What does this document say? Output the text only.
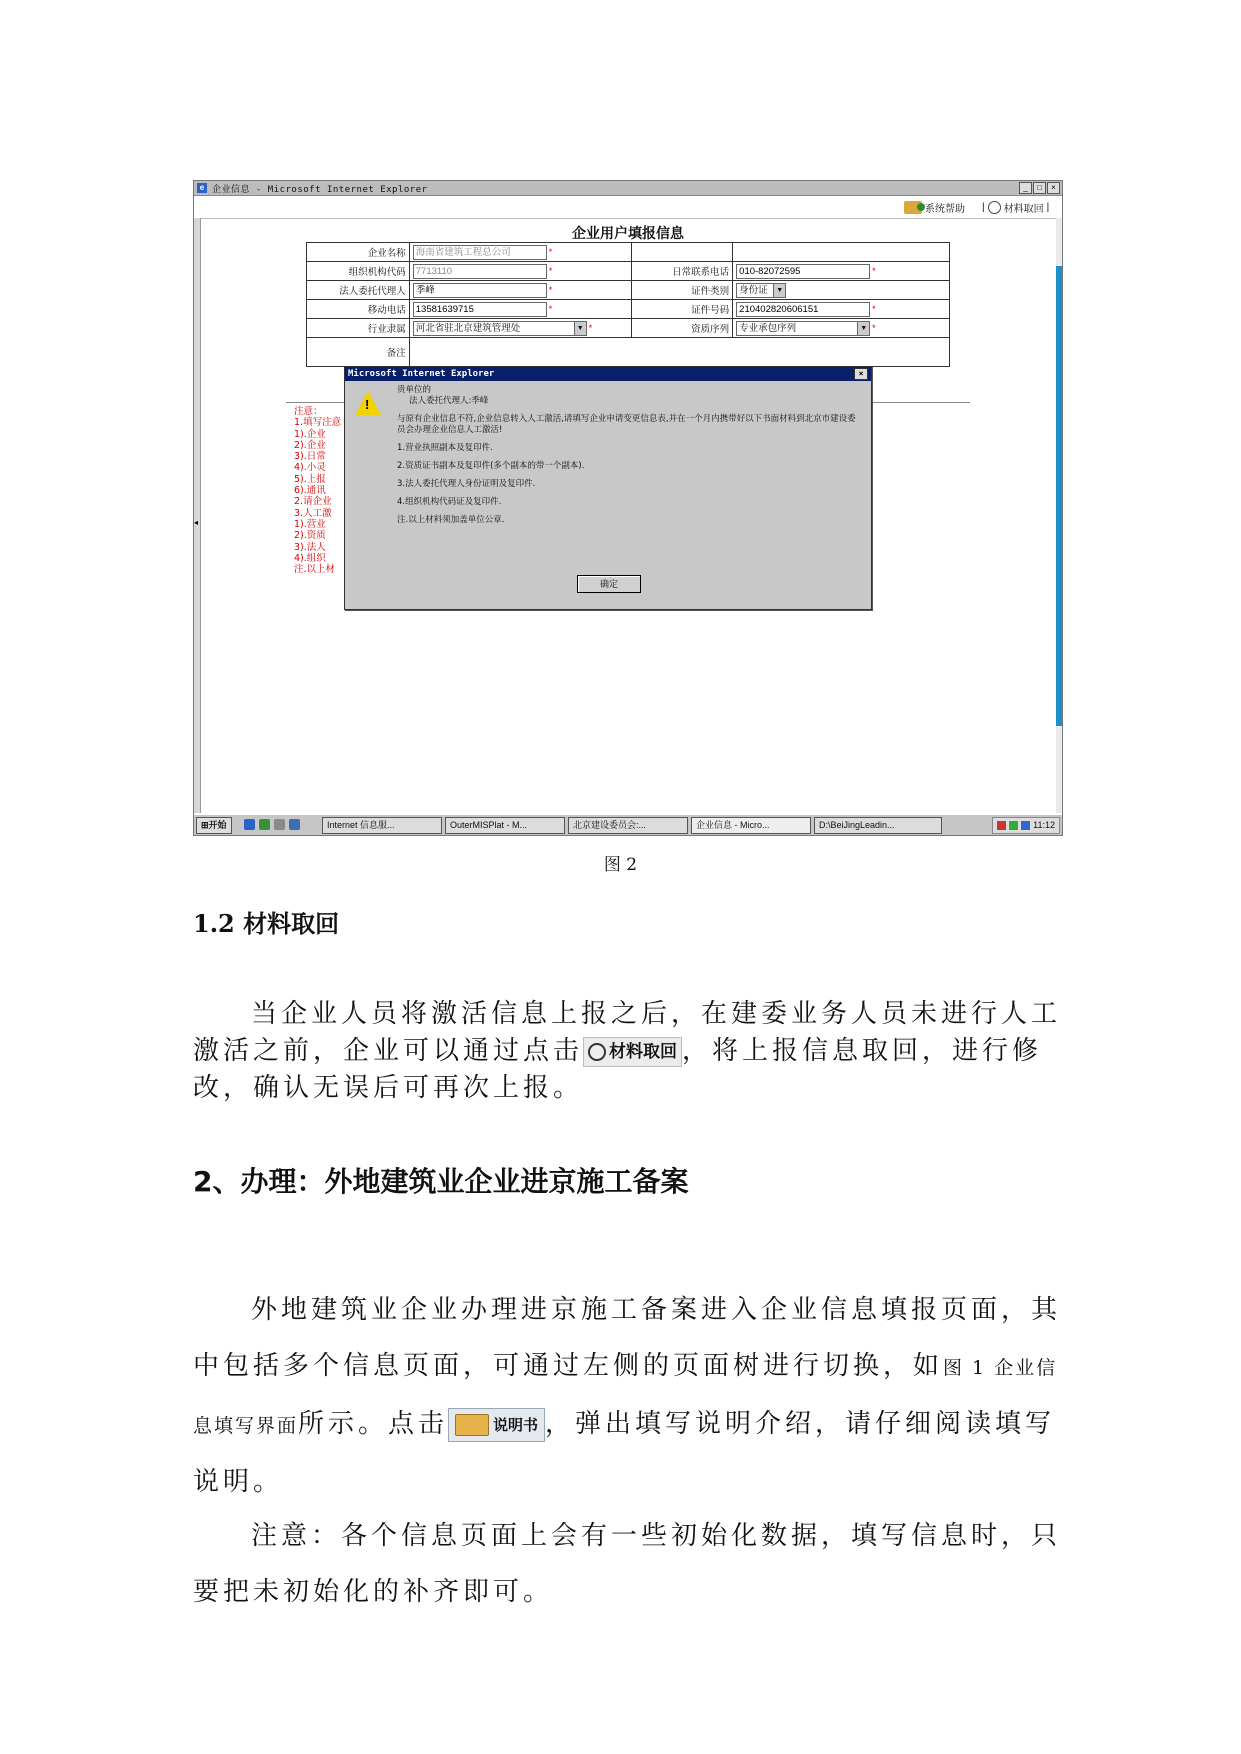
e 企业信息 - Microsoft Internet Explorer	_	□	×
系统帮助 | 材料取回 |
◂
企业用户填报信息
企业名称	海南省建筑工程总公司 *		
组织机构代码	7713110 *	日常联系电话	010-82072595 *
法人委托代理人	季峰 *	证件类别	身份证 ▼

移动电话	13581639715 *	证件号码	210402820606151 *
行业隶属	河北省驻北京建筑管理处 ▼ *	资质序列	专业承包序列 ▼ *
备注			
注意：
1.填写注意
1).企业
2).企业
3).日常
4).小灵
5).上报
6).通讯
2.请企业
3.人工激
1).营业
2).资质
3).法人
4).组织
注.以上材
Microsoft Internet Explorer	×
!

贵单位的

法人委托代理人:季峰

与原有企业信息不符,企业信息转入人工激活,请填写企业申请变更信息表,并在一个月内携带好以下书面材料到北京市建设委员会办理企业信息人工激活!

1.营业执照副本及复印件.

2.资质证书副本及复印件(多个副本的带一个副本).

3.法人委托代理人身份证明及复印件.

4.组织机构代码证及复印件.

注.以上材料须加盖单位公章.

确定
⊞开始	Internet 信息服...	OuterMISPlat - M...	北京建设委员会:...	企业信息 - Micro...	D:\BeiJingLeadin...	11:12
图 2
1.2 材料取回
当企业人员将激活信息上报之后，在建委业务人员未进行人工激活之前，企业可以通过点击 材料取回 ，将上报信息取回，进行修改，确认无误后可再次上报。
2、办理：外地建筑业企业进京施工备案
外地建筑业企业办理进京施工备案进入企业信息填报页面，其中包括多个信息页面，可通过左侧的页面树进行切换，如图 1 企业信息填写界面所示。点击	说明书 ，弹出填写说明介绍，请仔细阅读填写说明。
注意：各个信息页面上会有一些初始化数据，填写信息时，只要把未初始化的补齐即可。
